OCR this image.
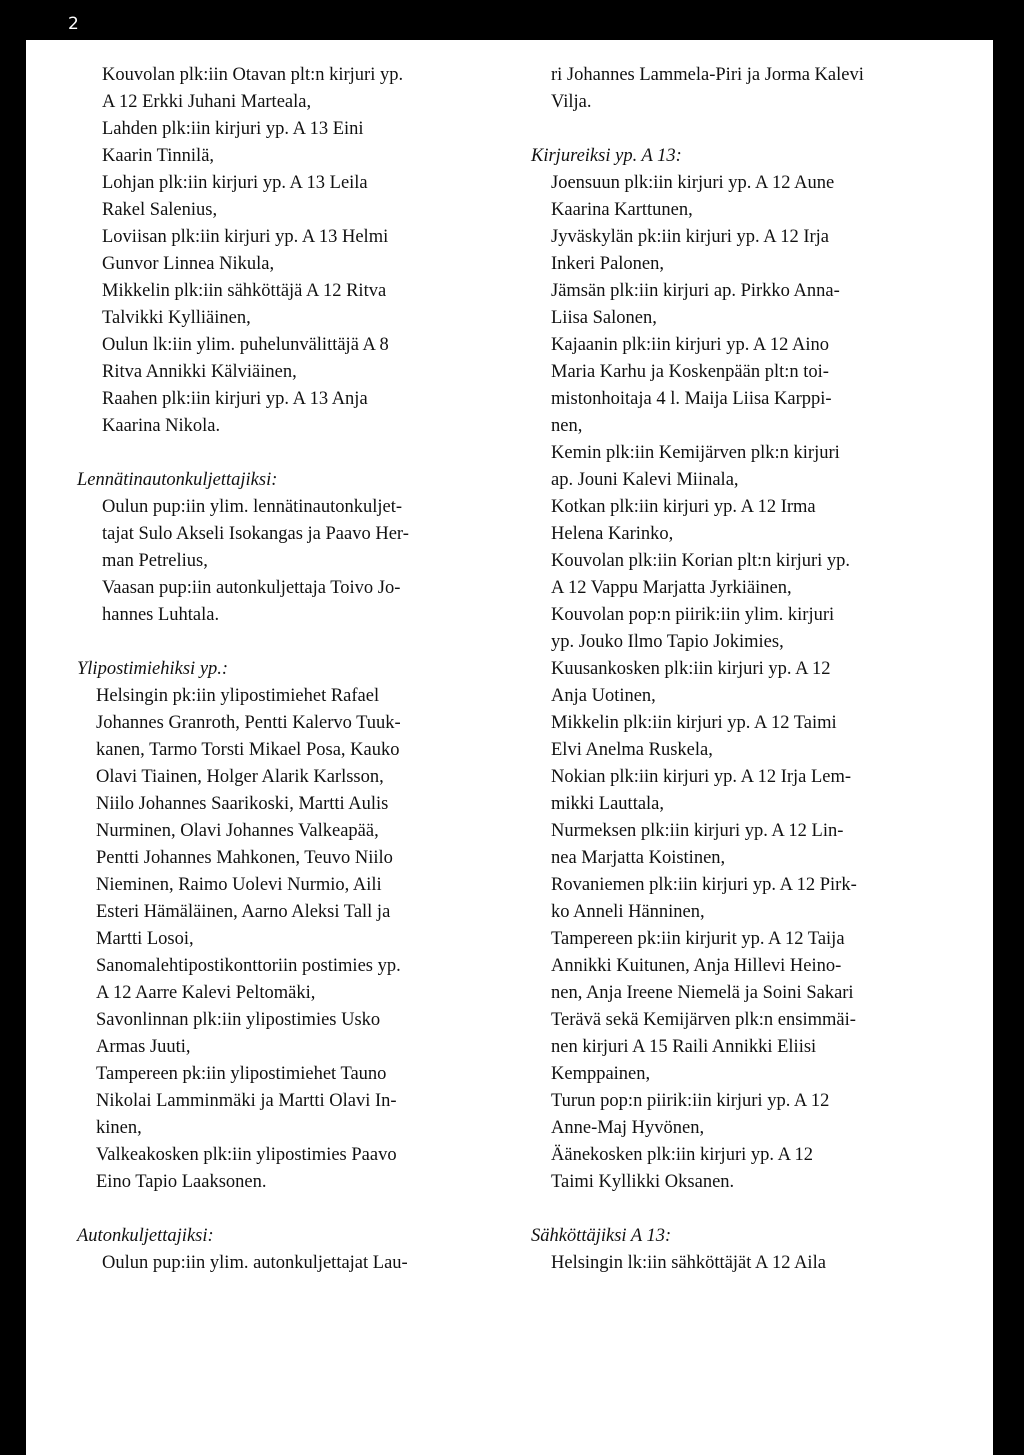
2
Kouvolan plk:iin Otavan plt:n kirjuri yp.
A 12 Erkki Juhani Marteala,
Lahden plk:iin kirjuri yp. A 13 Eini
Kaarin Tinnilä,
Lohjan plk:iin kirjuri yp. A 13 Leila
Rakel Salenius,
Loviisan plk:iin kirjuri yp. A 13 Helmi
Gunvor Linnea Nikula,
Mikkelin plk:iin sähköttäjä A 12 Ritva
Talvikki Kylliäinen,
Oulun lk:iin ylim. puhelunvälittäjä A 8
Ritva Annikki Kälviäinen,
Raahen plk:iin kirjuri yp. A 13 Anja
Kaarina Nikola.
Lennätinautonkuljettajiksi:
Oulun pup:iin ylim. lennätinautonkuljet-
tajat Sulo Akseli Isokangas ja Paavo Her-
man Petrelius,
Vaasan pup:iin autonkuljettaja Toivo Jo-
hannes Luhtala.
Ylipostimiehiksi yp.:
Helsingin pk:iin ylipostimiehet Rafael
Johannes Granroth, Pentti Kalervo Tuuk-
kanen, Tarmo Torsti Mikael Posa, Kauko
Olavi Tiainen, Holger Alarik Karlsson,
Niilo Johannes Saarikoski, Martti Aulis
Nurminen, Olavi Johannes Valkeapää,
Pentti Johannes Mahkonen, Teuvo Niilo
Nieminen, Raimo Uolevi Nurmio, Aili
Esteri Hämäläinen, Aarno Aleksi Tall ja
Martti Losoi,
Sanomalehtipostikonttoriin postimies yp.
A 12 Aarre Kalevi Peltomäki,
Savonlinnan plk:iin ylipostimies Usko
Armas Juuti,
Tampereen pk:iin ylipostimiehet Tauno
Nikolai Lamminmäki ja Martti Olavi In-
kinen,
Valkeakosken plk:iin ylipostimies Paavo
Eino Tapio Laaksonen.
Autonkuljettajiksi:
Oulun pup:iin ylim. autonkuljettajat Lau-
ri Johannes Lammela-Piri ja Jorma Kalevi
Vilja.
Kirjureiksi yp. A 13:
Joensuun plk:iin kirjuri yp. A 12 Aune
Kaarina Karttunen,
Jyväskylän pk:iin kirjuri yp. A 12 Irja
Inkeri Palonen,
Jämsän plk:iin kirjuri ap. Pirkko Anna-
Liisa Salonen,
Kajaanin plk:iin kirjuri yp. A 12 Aino
Maria Karhu ja Koskenpään plt:n toi-
mistonhoitaja 4 l. Maija Liisa Karppi-
nen,
Kemin plk:iin Kemijärven plk:n kirjuri
ap. Jouni Kalevi Miinala,
Kotkan plk:iin kirjuri yp. A 12 Irma
Helena Karinko,
Kouvolan plk:iin Korian plt:n kirjuri yp.
A 12 Vappu Marjatta Jyrkiäinen,
Kouvolan pop:n piirik:iin ylim. kirjuri
yp. Jouko Ilmo Tapio Jokimies,
Kuusankosken plk:iin kirjuri yp. A 12
Anja Uotinen,
Mikkelin plk:iin kirjuri yp. A 12 Taimi
Elvi Anelma Ruskela,
Nokian plk:iin kirjuri yp. A 12 Irja Lem-
mikki Lauttala,
Nurmeksen plk:iin kirjuri yp. A 12 Lin-
nea Marjatta Koistinen,
Rovaniemen plk:iin kirjuri yp. A 12 Pirk-
ko Anneli Hänninen,
Tampereen pk:iin kirjurit yp. A 12 Taija
Annikki Kuitunen, Anja Hillevi Heino-
nen, Anja Ireene Niemelä ja Soini Sakari
Terävä sekä Kemijärven plk:n ensimmäi-
nen kirjuri A 15 Raili Annikki Eliisi
Kemppainen,
Turun pop:n piirik:iin kirjuri yp. A 12
Anne-Maj Hyvönen,
Äänekosken plk:iin kirjuri yp. A 12
Taimi Kyllikki Oksanen.
Sähköttäjiksi A 13:
Helsingin lk:iin sähköttäjät A 12 Aila
